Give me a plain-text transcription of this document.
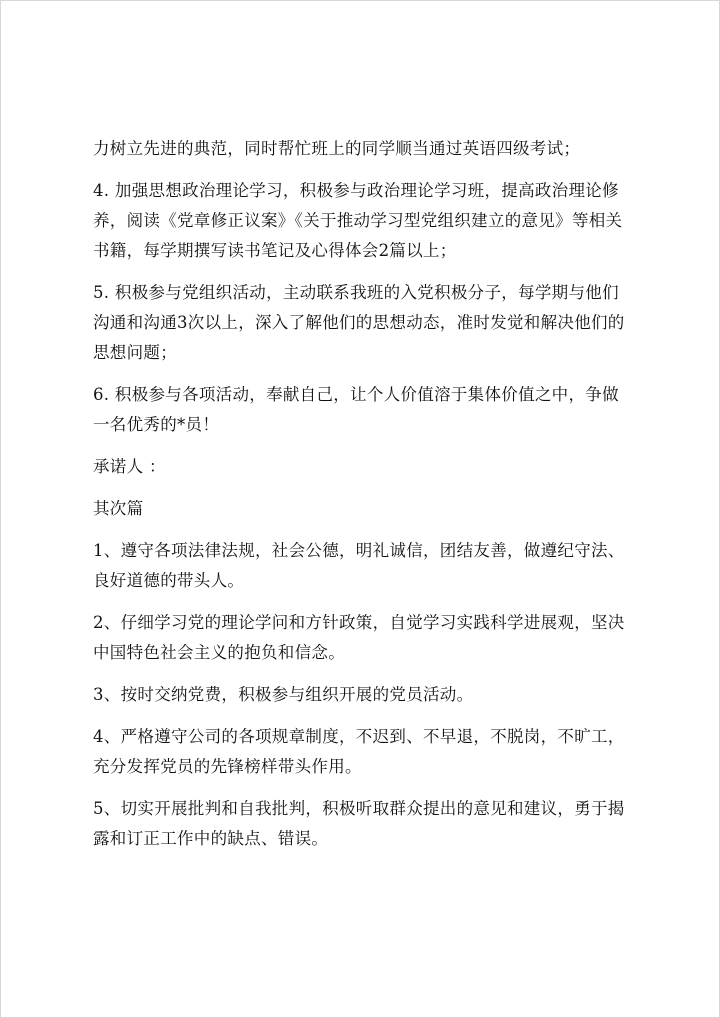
力树立先进的典范，同时帮忙班上的同学顺当通过英语四级考试；
4. 加强思想政治理论学习，积极参与政治理论学习班，提高政治理论修
养，阅读《党章修正议案》《关于推动学习型党组织建立的意见》等相关
书籍，每学期撰写读书笔记及心得体会2篇以上；
5. 积极参与党组织活动，主动联系我班的入党积极分子，每学期与他们
沟通和沟通3次以上，深入了解他们的思想动态，准时发觉和解决他们的
思想问题；
6. 积极参与各项活动，奉献自己，让个人价值溶于集体价值之中，争做
一名优秀的*员！
承诺人 ：
其次篇
1、遵守各项法律法规，社会公德，明礼诚信，团结友善，做遵纪守法、
良好道德的带头人。
2、仔细学习党的理论学问和方针政策，自觉学习实践科学进展观，坚决
中国特色社会主义的抱负和信念。
3、按时交纳党费，积极参与组织开展的党员活动。
4、严格遵守公司的各项规章制度，不迟到、不早退，不脱岗，不旷工，
充分发挥党员的先锋榜样带头作用。
5、切实开展批判和自我批判，积极听取群众提出的意见和建议，勇于揭
露和订正工作中的缺点、错误。
